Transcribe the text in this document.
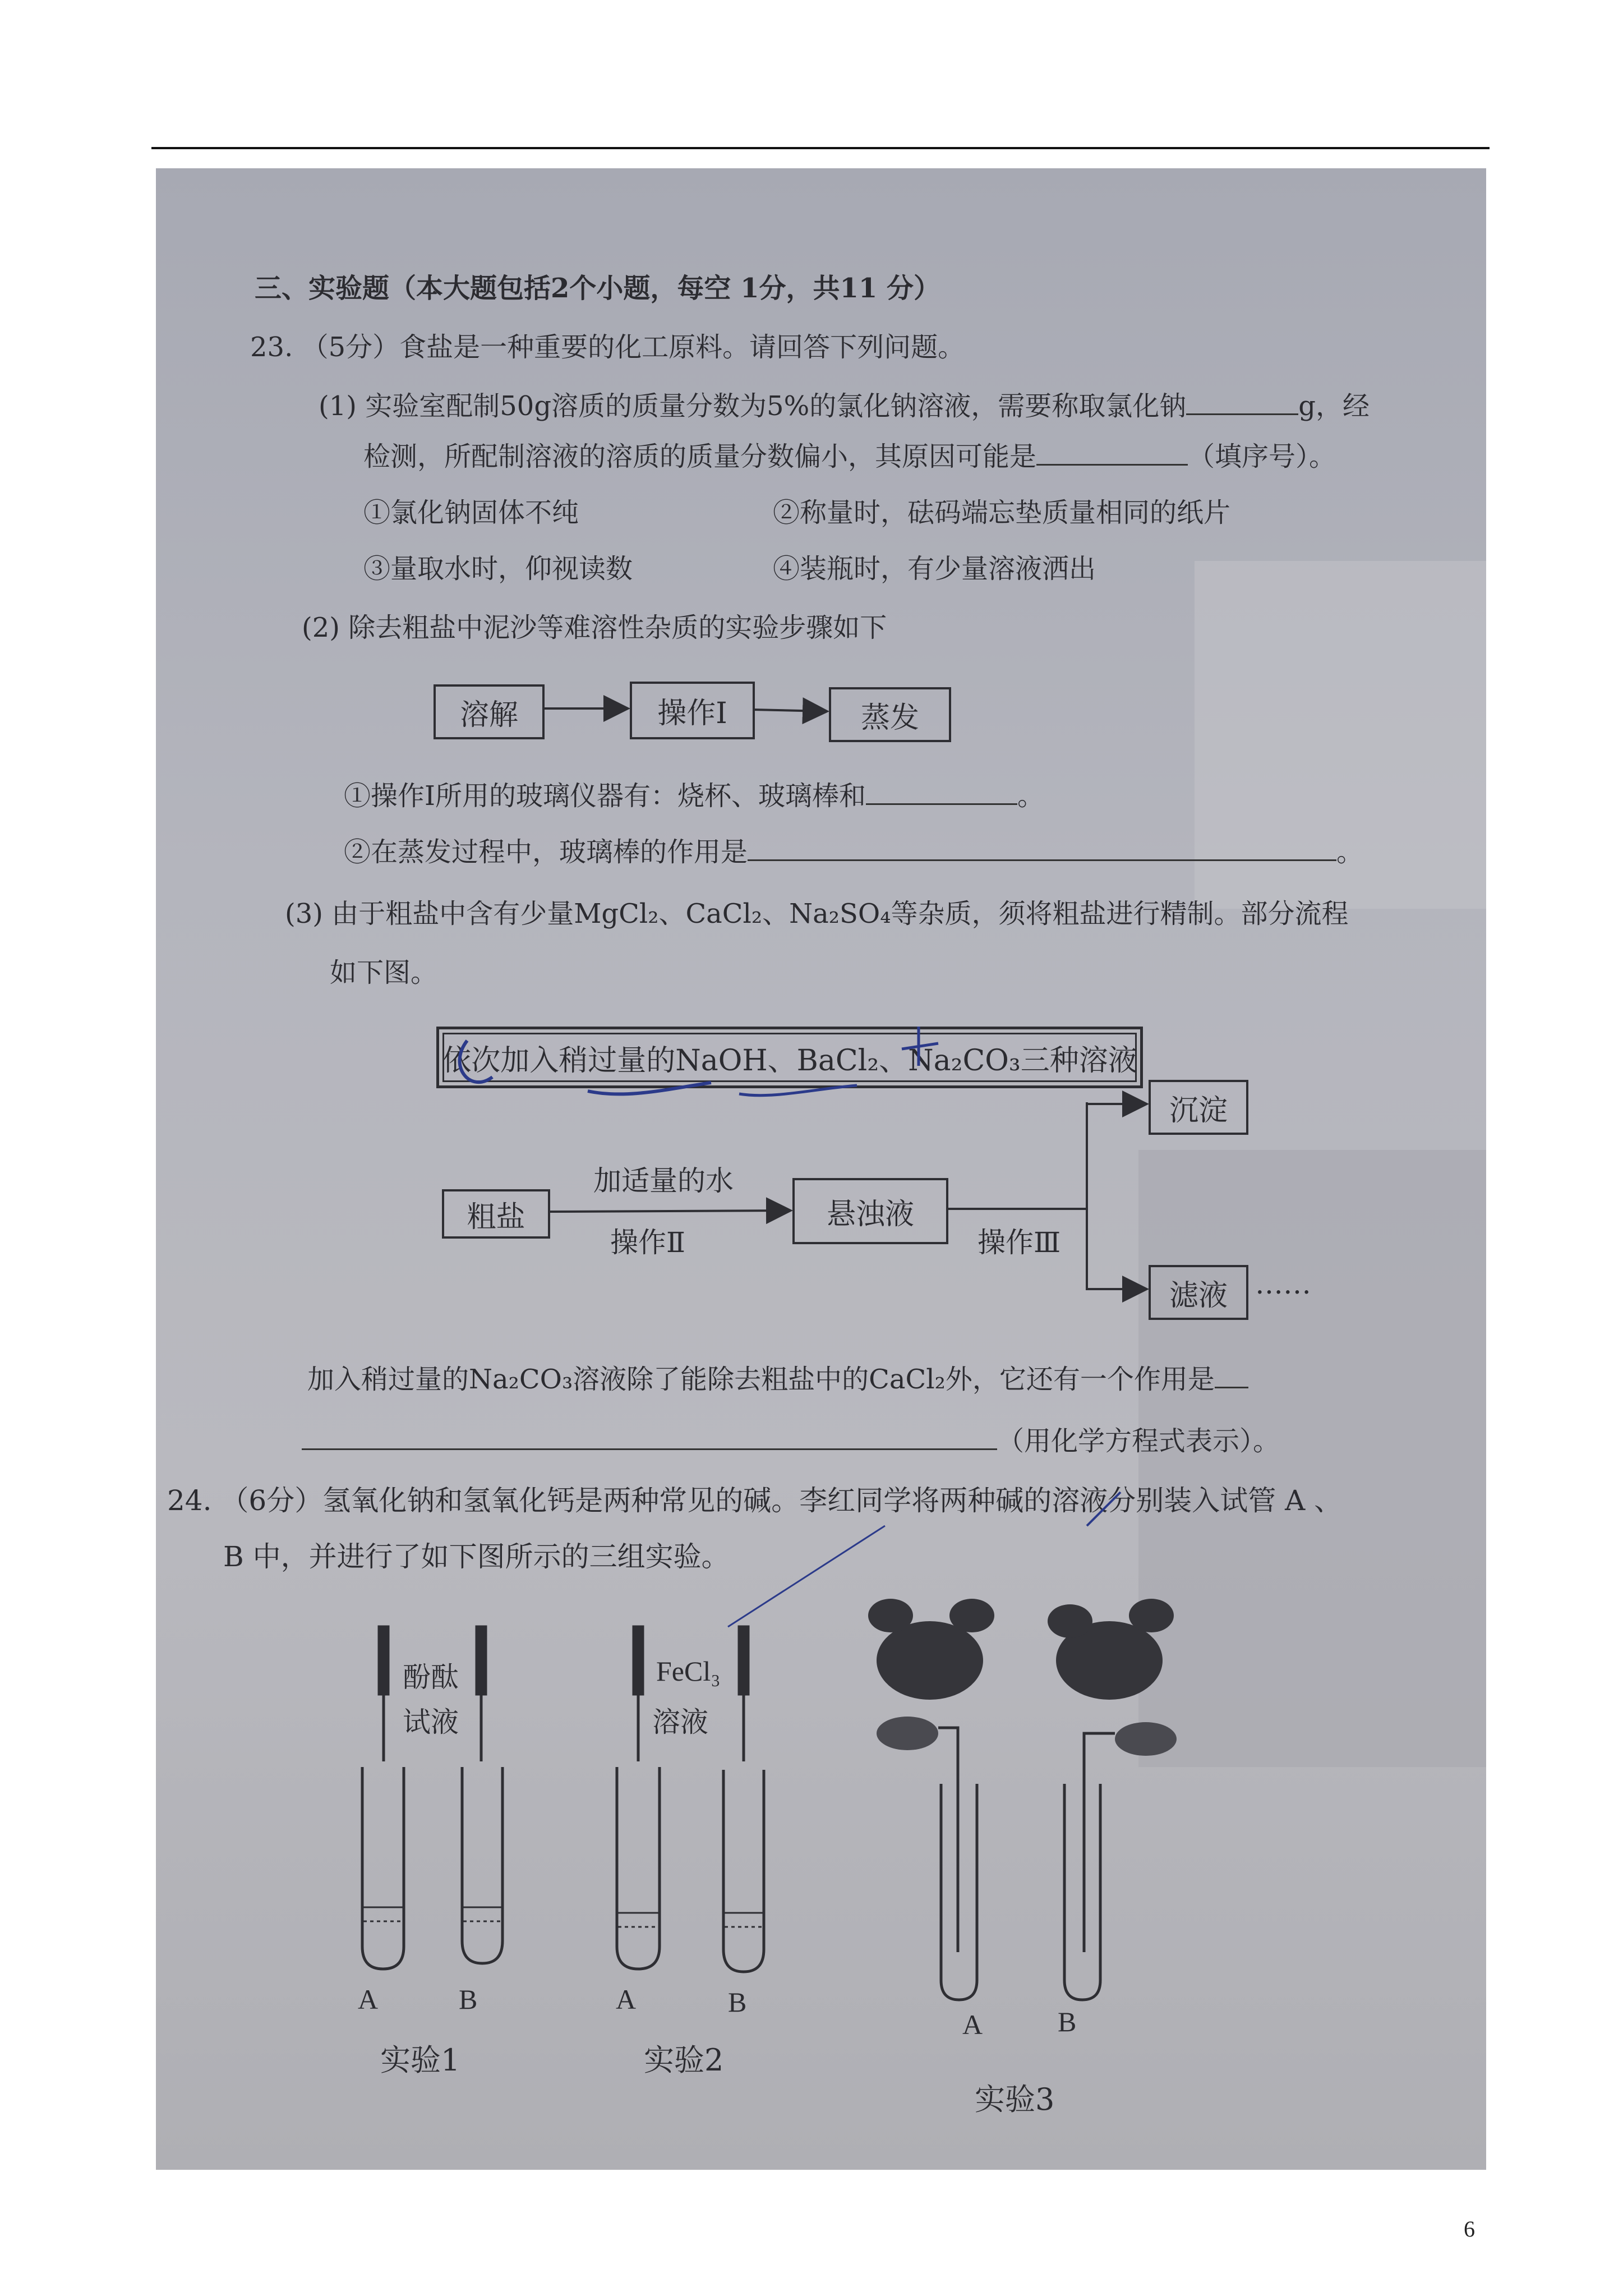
三、实验题（本大题包括2个小题，每空 1分，共11 分）
23. （5分）食盐是一种重要的化工原料。请回答下列问题。
(1) 实验室配制50g溶质的质量分数为5%的氯化钠溶液，需要称取氯化钠	g，经
检测，所配制溶液的溶质的质量分数偏小，其原因可能是	（填序号）。
①氯化钠固体不纯	②称量时，砝码端忘垫质量相同的纸片
③量取水时，仰视读数	④装瓶时，有少量溶液洒出
(2) 除去粗盐中泥沙等难溶性杂质的实验步骤如下
溶解	操作Ⅰ	蒸发
①操作Ⅰ所用的玻璃仪器有：烧杯、玻璃棒和	。
②在蒸发过程中，玻璃棒的作用是	。
(3) 由于粗盐中含有少量MgCl₂、CaCl₂、Na₂SO₄等杂质，须将粗盐进行精制。部分流程
如下图。
依次加入稍过量的NaOH、BaCl₂、Na₂CO₃三种溶液
粗盐	悬浊液
沉淀
滤液
加适量的水
操作Ⅱ	操作Ⅲ
……
加入稍过量的Na₂CO₃溶液除了能除去粗盐中的CaCl₂外，它还有一个作用是
（用化学方程式表示）。
24. （6分）氢氧化钠和氢氧化钙是两种常见的碱。李红同学将两种碱的溶液分别装入试管 A 、
B 中，并进行了如下图所示的三组实验。
酚酞
试液
FeCl₃
溶液
A	B	A	B
A	B
实验1	实验2
实验3
6
